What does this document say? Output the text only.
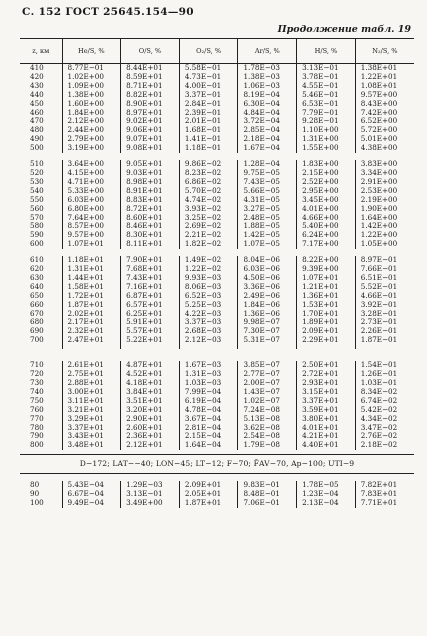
С. 152 ГОСТ 25645.154—90
Продолжение табл. 19
z, км	He/S, %	O/S, %	O₂/S, %	Ar/S, %	H/S, %	N₂/S, %
410	8.77E−01	8.44E+01	5.58E−01	1.78E−03	3.13E−01	1.38E+01
420	1.02E+00	8.59E+01	4.73E−01	1.38E−03	3.78E−01	1.22E+01
430	1.09E+00	8.71E+01	4.00E−01	1.06E−03	4.55E−01	1.08E+01
440	1.38E+00	8.82E+01	3.37E−01	8.19E−04	5.46E−01	9.57E+00
450	1.60E+00	8.90E+01	2.84E−01	6.30E−04	6.53E−01	8.43E+00
460	1.84E+00	8.97E+01	2.39E−01	4.84E−04	7.79E−01	7.42E+00
470	2.12E+00	9.02E+01	2.01E−01	3.72E−04	9.28E−01	6.52E+00
480	2.44E+00	9.06E+01	1.68E−01	2.85E−04	1.10E+00	5.72E+00
490	2.79E+00	9.07E+01	1.41E−01	2.18E−04	1.31E+00	5.01E+00
500	3.19E+00	9.08E+01	1.18E−01	1.67E−04	1.55E+00	4.38E+00

510	3.64E+00	9.05E+01	9.86E−02	1.28E−04	1.83E+00	3.83E+00
520	4.15E+00	9.03E+01	8.23E−02	9.75E−05	2.15E+00	3.34E+00
530	4.71E+00	8.98E+01	6.86E−02	7.43E−05	2.52E+00	2.91E+00
540	5.33E+00	8.91E+01	5.70E−02	5.66E−05	2.95E+00	2.53E+00
550	6.03E+00	8.83E+01	4.74E−02	4.31E−05	3.45E+00	2.19E+00
560	6.80E+00	8.72E+01	3.93E−02	3.27E−05	4.01E+00	1.90E+00
570	7.64E+00	8.60E+01	3.25E−02	2.48E−05	4.66E+00	1.64E+00
580	8.57E+00	8.46E+01	2.69E−02	1.88E−05	5.40E+00	1.42E+00
590	9.57E+00	8.30E+01	2.21E−02	1.42E−05	6.24E+00	1.22E+00
600	1.07E+01	8.11E+01	1.82E−02	1.07E−05	7.17E+00	1.05E+00

610	1.18E+01	7.90E+01	1.49E−02	8.04E−06	8.22E+00	8.97E−01
620	1.31E+01	7.68E+01	1.22E−02	6.03E−06	9.39E+00	7.66E−01
630	1.44E+01	7.43E+01	9.93E−03	4.50E−06	1.07E+01	6.51E−01
640	1.58E+01	7.16E+01	8.06E−03	3.36E−06	1.21E+01	5.52E−01
650	1.72E+01	6.87E+01	6.52E−03	2.49E−06	1.36E+01	4.66E−01
660	1.87E+01	6.57E+01	5.25E−03	1.84E−06	1.53E+01	3.92E−01
670	2.02E+01	6.25E+01	4.22E−03	1.36E−06	1.70E+01	3.28E−01
680	2.17E+01	5.91E+01	3.37E−03	9.98E−07	1.89E+01	2.73E−01
690	2.32E+01	5.57E+01	2.68E−03	7.30E−07	2.09E+01	2.26E−01
700	2.47E+01	5.22E+01	2.12E−03	5.31E−07	2.29E+01	1.87E−01

710	2.61E+01	4.87E+01	1.67E−03	3.85E−07	2.50E+01	1.54E−01
720	2.75E+01	4.52E+01	1.31E−03	2.77E−07	2.72E+01	1.26E−01
730	2.88E+01	4.18E+01	1.03E−03	2.00E−07	2.93E+01	1.03E−01
740	3.00E+01	3.84E+01	7.99E−04	1.43E−07	3.15E+01	8.34E−02
750	3.11E+01	3.51E+01	6.19E−04	1.02E−07	3.37E+01	6.74E−02
760	3.21E+01	3.20E+01	4.78E−04	7.24E−08	3.59E+01	5.42E−02
770	3.29E+01	2.90E+01	3.67E−04	5.13E−08	3.80E+01	4.34E−02
780	3.37E+01	2.60E+01	2.81E−04	3.62E−08	4.01E+01	3.47E−02
790	3.43E+01	2.36E+01	2.15E−04	2.54E−08	4.21E+01	2.76E−02
800	3.48E+01	2.12E+01	1.64E−04	1.79E−08	4.40E+01	2.18E−02

D−172; LAT−−40; LON−45; LT−12; F−70; F̄AV−70, Ap−100; UTI−9						

80	5.43E−04	1.29E−03	2.09E+01	9.83E−01	1.78E−05	7.82E+01
90	6.67E−04	3.13E−01	2.05E+01	8.48E−01	1.23E−04	7.83E+01
100	9.49E−04	3.49E+00	1.87E+01	7.06E−01	2.13E−04	7.71E+01
